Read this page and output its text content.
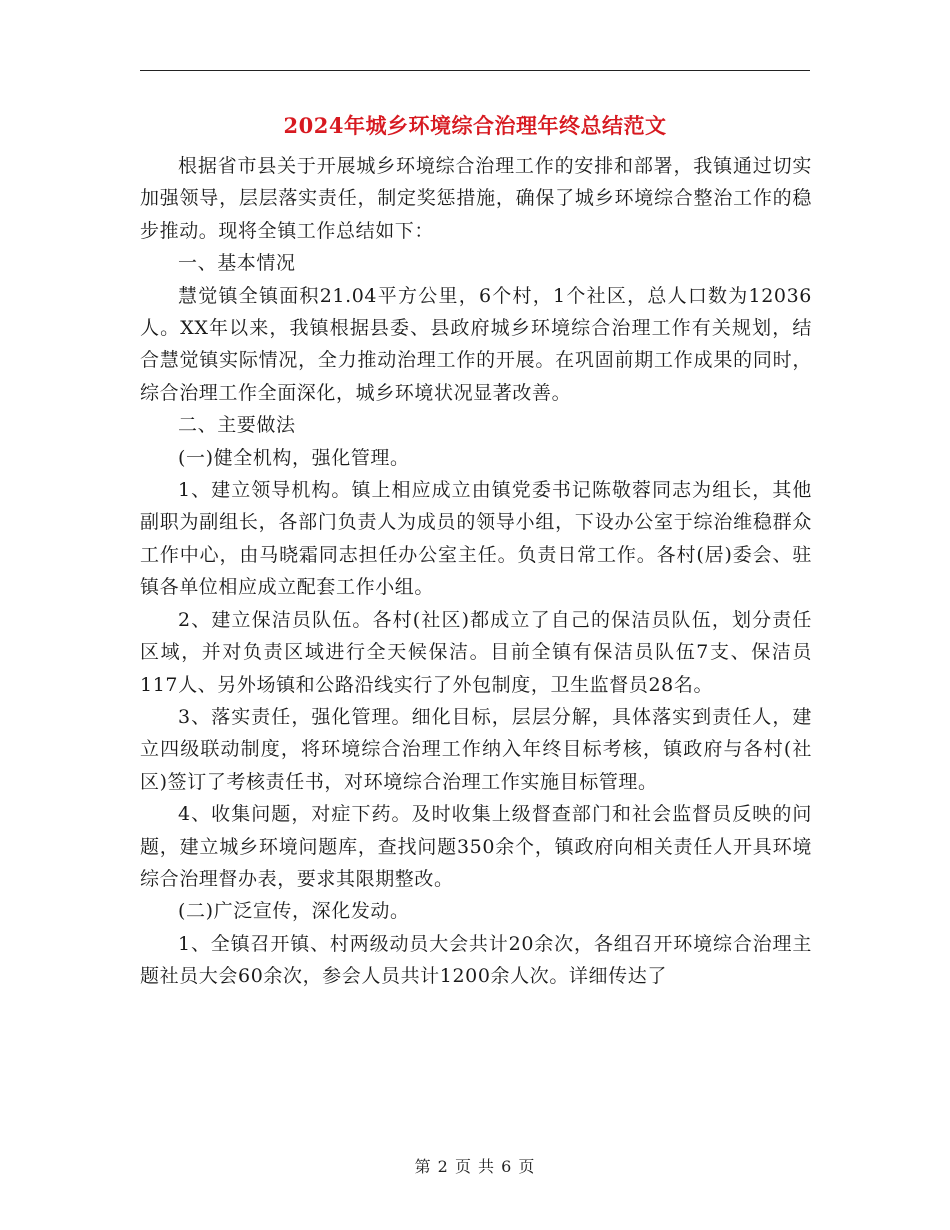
2024年城乡环境综合治理年终总结范文

根据省市县关于开展城乡环境综合治理工作的安排和部署，我镇通过切实加强领导，层层落实责任，制定奖惩措施，确保了城乡环境综合整治工作的稳步推动。现将全镇工作总结如下：

一、基本情况

慧觉镇全镇面积21.04平方公里，6个村，1个社区，总人口数为12036人。XX年以来，我镇根据县委、县政府城乡环境综合治理工作有关规划，结合慧觉镇实际情况，全力推动治理工作的开展。在巩固前期工作成果的同时，综合治理工作全面深化，城乡环境状况显著改善。

二、主要做法

(一)健全机构，强化管理。

1、建立领导机构。镇上相应成立由镇党委书记陈敬蓉同志为组长，其他副职为副组长，各部门负责人为成员的领导小组，下设办公室于综治维稳群众工作中心，由马晓霜同志担任办公室主任。负责日常工作。各村(居)委会、驻镇各单位相应成立配套工作小组。

2、建立保洁员队伍。各村(社区)都成立了自己的保洁员队伍，划分责任区域，并对负责区域进行全天候保洁。目前全镇有保洁员队伍7支、保洁员117人、另外场镇和公路沿线实行了外包制度，卫生监督员28名。

3、落实责任，强化管理。细化目标，层层分解，具体落实到责任人，建立四级联动制度，将环境综合治理工作纳入年终目标考核，镇政府与各村(社区)签订了考核责任书，对环境综合治理工作实施目标管理。

4、收集问题，对症下药。及时收集上级督查部门和社会监督员反映的问题，建立城乡环境问题库，查找问题350余个，镇政府向相关责任人开具环境综合治理督办表，要求其限期整改。

(二)广泛宣传，深化发动。

1、全镇召开镇、村两级动员大会共计20余次，各组召开环境综合治理主题社员大会60余次，参会人员共计1200余人次。详细传达了

第 2 页 共 6 页
